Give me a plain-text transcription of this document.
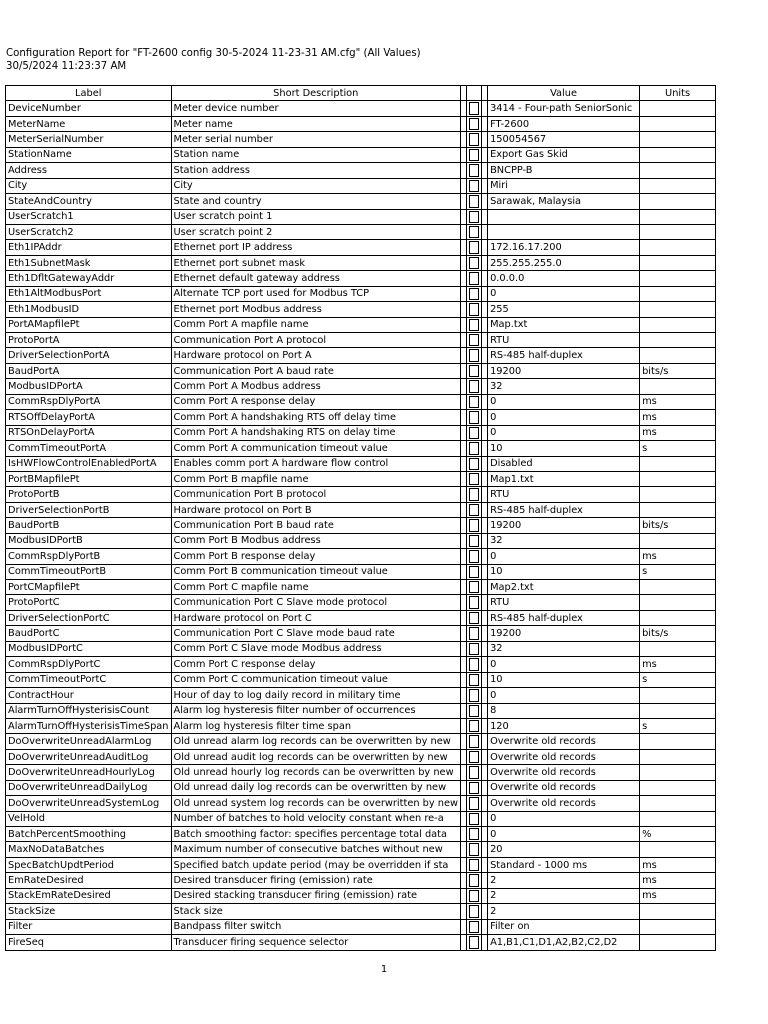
Configuration Report for "FT-2600 config 30-5-2024 11-23-31 AM.cfg" (All Values)
30/5/2024 11:23:37 AM
Label	Short Description				Value	Units
DeviceNumber	Meter device number				3414 - Four-path SeniorSonic	
MeterName	Meter name				FT-2600	
MeterSerialNumber	Meter serial number				150054567	
StationName	Station name				Export Gas Skid	
Address	Station address				BNCPP-B	
City	City				Miri	
StateAndCountry	State and country				Sarawak, Malaysia	
UserScratch1	User scratch point 1		

UserScratch2	User scratch point 2		

Eth1IPAddr	Ethernet port IP address				172.16.17.200	
Eth1SubnetMask	Ethernet port subnet mask				255.255.255.0	
Eth1DfltGatewayAddr	Ethernet default gateway address				0.0.0.0	
Eth1AltModbusPort	Alternate TCP port used for Modbus TCP				0	
Eth1ModbusID	Ethernet port Modbus address				255	
PortAMapfilePt	Comm Port A mapfile name				Map.txt	
ProtoPortA	Communication Port A protocol				RTU	
DriverSelectionPortA	Hardware protocol on Port A				RS-485 half-duplex	
BaudPortA	Communication Port A baud rate				19200	bits/s
ModbusIDPortA	Comm Port A Modbus address				32	
CommRspDlyPortA	Comm Port A response delay				0	ms
RTSOffDelayPortA	Comm Port A handshaking RTS off delay time				0	ms
RTSOnDelayPortA	Comm Port A handshaking RTS on delay time				0	ms
CommTimeoutPortA	Comm Port A communication timeout value				10	s
IsHWFlowControlEnabledPortA	Enables comm port A hardware flow control				Disabled	
PortBMapfilePt	Comm Port B mapfile name				Map1.txt	
ProtoPortB	Communication Port B protocol				RTU	
DriverSelectionPortB	Hardware protocol on Port B				RS-485 half-duplex	
BaudPortB	Communication Port B baud rate				19200	bits/s
ModbusIDPortB	Comm Port B Modbus address				32	
CommRspDlyPortB	Comm Port B response delay				0	ms
CommTimeoutPortB	Comm Port B communication timeout value				10	s
PortCMapfilePt	Comm Port C mapfile name				Map2.txt	
ProtoPortC	Communication Port C Slave mode protocol				RTU	
DriverSelectionPortC	Hardware protocol on Port C				RS-485 half-duplex	
BaudPortC	Communication Port C Slave mode baud rate				19200	bits/s
ModbusIDPortC	Comm Port C Slave mode Modbus address				32	
CommRspDlyPortC	Comm Port C response delay				0	ms
CommTimeoutPortC	Comm Port C communication timeout value				10	s
ContractHour	Hour of day to log daily record in military time				0	
AlarmTurnOffHysterisisCount	Alarm log hysteresis filter number of occurrences				8	
AlarmTurnOffHysterisisTimeSpan	Alarm log hysteresis filter time span				120	s
DoOverwriteUnreadAlarmLog	Old unread alarm log records can be overwritten by new				Overwrite old records	
DoOverwriteUnreadAuditLog	Old unread audit log records can be overwritten by new				Overwrite old records	
DoOverwriteUnreadHourlyLog	Old unread hourly log records can be overwritten by new				Overwrite old records	
DoOverwriteUnreadDailyLog	Old unread daily log records can be overwritten by new				Overwrite old records	
DoOverwriteUnreadSystemLog	Old unread system log records can be overwritten by new				Overwrite old records	
VelHold	Number of batches to hold velocity constant when re-a				0	
BatchPercentSmoothing	Batch smoothing factor: specifies percentage total data				0	%
MaxNoDataBatches	Maximum number of consecutive batches without new				20	
SpecBatchUpdtPeriod	Specified batch update period (may be overridden if sta				Standard - 1000 ms	ms
EmRateDesired	Desired transducer firing (emission) rate				2	ms
StackEmRateDesired	Desired stacking transducer firing (emission) rate				2	ms
StackSize	Stack size				2	
Filter	Bandpass filter switch				Filter on	
FireSeq	Transducer firing sequence selector				A1,B1,C1,D1,A2,B2,C2,D2	
1
